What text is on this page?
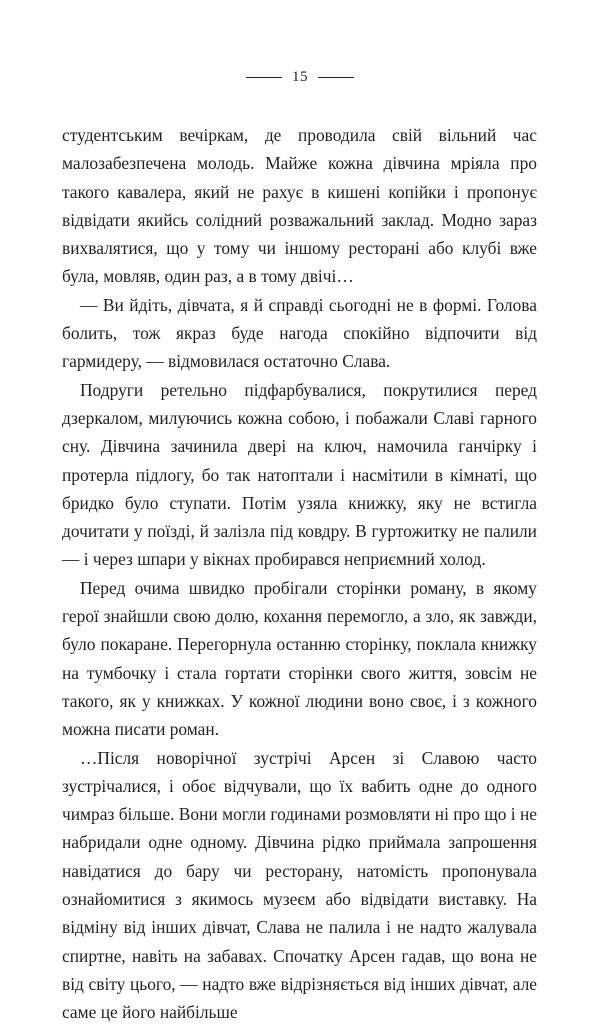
15

студентським вечіркам, де проводила свій вільний час малозабезпечена молодь. Майже кожна дівчина мріяла про такого кавалера, який не рахує в кишені копійки і пропонує відвідати якийсь солідний розважальний заклад. Модно зараз вихвалятися, що у тому чи іншому ресторані або клубі вже була, мовляв, один раз, а в тому двічі…

— Ви йдіть, дівчата, я й справді сьогодні не в формі. Голова болить, тож якраз буде нагода спокійно відпочити від гармидеру, — відмовилася остаточно Слава.

Подруги ретельно підфарбувалися, покрутилися перед дзеркалом, милуючись кожна собою, і побажали Славі гарного сну. Дівчина зачинила двері на ключ, намочила ганчірку і протерла підлогу, бо так натоптали і насмітили в кімнаті, що бридко було ступати. Потім узяла книжку, яку не встигла дочитати у поїзді, й залізла під ковдру. В гуртожитку не палили — і через шпари у вікнах пробирався неприємний холод.

Перед очима швидко пробігали сторінки роману, в якому герої знайшли свою долю, кохання перемогло, а зло, як завжди, було покаране. Перегорнула останню сторінку, поклала книжку на тумбочку і стала гортати сторінки свого життя, зовсім не такого, як у книжках. У кожної людини воно своє, і з кожного можна писати роман.

…Після новорічної зустрічі Арсен зі Славою часто зустрічалися, і обоє відчували, що їх вабить одне до одного чимраз більше. Вони могли годинами розмовляти ні про що і не набридали одне одному. Дівчина рідко приймала запрошення навідатися до бару чи ресторану, натомість пропонувала ознайомитися з якимось музеєм або відвідати виставку. На відміну від інших дівчат, Слава не палила і не надто жалувала спиртне, навіть на забавах. Спочатку Арсен гадав, що вона не від світу цього, — надто вже відрізняється від інших дівчат, але саме це його найбільше
